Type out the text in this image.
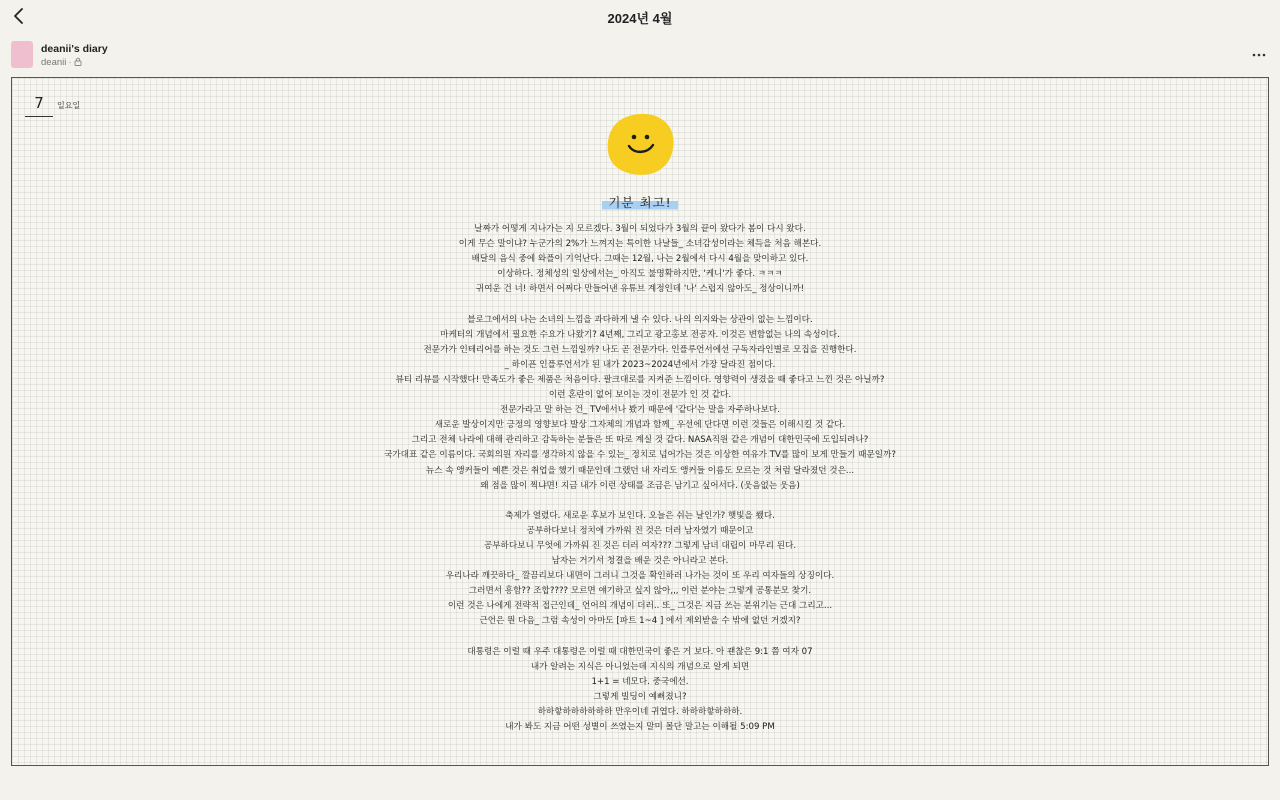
2024년 4월
deanii's diary
deanii ·
7	일요일
기분 최고!
날짜가 어떻게 지나가는 지 모르겠다. 3월이 되었다가 3월의 끝이 왔다가 봄이 다시 왔다.
이게 무슨 말이냐? 누군가의 2%가 느껴지는 특이한 나날들_ 소녀감성이라는 체득을 처음 해본다.
배달의 음식 중에 와플이 기억난다. 그때는 12월, 나는 2월에서 다시 4월을 맞이하고 있다.
이상하다. 정체성의 일상에서는_ 아직도 불명확하지만, '케니'가 좋다. ㅋㅋㅋ
귀여운 건 너! 하면서 어쩌다 만들어낸 유튜브 계정인데 '나' 스럽지 않아도_ 정상이니까!
블로그에서의 나는 소녀의 느낌을 과다하게 낼 수 있다. 나의 의지와는 상관이 없는 느낌이다.
마케터의 개념에서 필요한 수요가 나왔기? 4년째, 그리고 광고홍보 전공자. 이것은 변함없는 나의 속성이다.
전문가가 인테리어를 하는 것도 그런 느낌일까? 나도 곧 전문가다. 인플루언서에선 구독자라인별로 모집을 진행한다.
_ 하이픈 인플루언서가 된 내가 2023~2024년에서 가장 달라진 점이다.
뷰티 리뷰를 시작했다! 만족도가 좋은 제품은 처음이다. 팔크대로를 지켜준 느낌이다. 영향력이 생겼을 때 좋다고 느낀 것은 아닐까?
이런 혼란이 없어 보이는 것이 전문가 인 것 같다.
전문가라고 말 하는 건_ TV에서나 봤기 때문에 '같다'는 말을 자주하나보다.
새로운 발상이지만 긍정의 영향보다 발상 그자체의 개념과 함께_ 우선에 단다면 이런 것들은 이해시킬 것 같다.
그리고 전체 나라에 대해 관리하고 감독하는 분들은 또 따로 계실 것 같다. NASA직원 같은 개념이 대한민국에 도입되려나?
국가대표 같은 이름이다. 국회의원 자리를 생각하지 않을 수 있는_ 정치로 넘어가는 것은 이상한 여유가 TV를 많이 보게 만들기 때문일까?
뉴스 속 앵커들이 예쁜 것은 취업을 했기 때문인데 그랬던 내 자리도 앵커들 이름도 모르는 것 처럼 달라졌던 것은...
왜 점을 많이 찍냐면! 지금 내가 이런 상태를 조금은 남기고 싶어서다. (웃음없는 웃음)
축제가 열렸다. 새로운 후보가 보인다. 오늘은 쉬는 날인가? 햇빛을 쐤다.
공부하다보니 정치에 가까워 진 것은 더러 남자였기 때문이고
공부하다보니 무엇에 가까워 진 것은 더러 여자??? 그렇게 남녀 대립이 마무리 된다.
남자는 거기서 청결을 배운 것은 아니라고 본다.
우리나라 깨끗하다_ 깔끔리보다 내면이 그러니 그것을 확인하러 나가는 것이 또 우리 여자들의 상징이다.
그러면서 흥함?? 조합???? 모르면 얘기하고 싶지 않아,,, 이런 분야는 그렇게 공통분모 찾기.
이런 것은 나에게 전략적 접근인데_ 언어의 개념이 더러.. 또_ 그것은 지금 쓰는 분위기는 근대 그리고...
근언은 뭔 다음_ 그럼 속성이 아마도 [파트 1~4 ] 에서 제외받을 수 밖에 없던 거겠지?
대통령은 이럴 때 우주 대통령은 이럴 때 대한민국이 좋은 거 보다. 아 괜찮은 9:1 쯤 여자 07
내가 알려는 지식은 아니었는데 지식의 개념으로 알게 되면
1+1 = 네모다. 중국에선.
그렇게 빌딩이 예뻐졌니?
하하핳하하하하하하 만우이네 귀엽다. 하하하핳하하하.
내가 봐도 지금 어떤 성별이 쓰였는지 말미 몰단 말고는 이해될 5:09 PM
